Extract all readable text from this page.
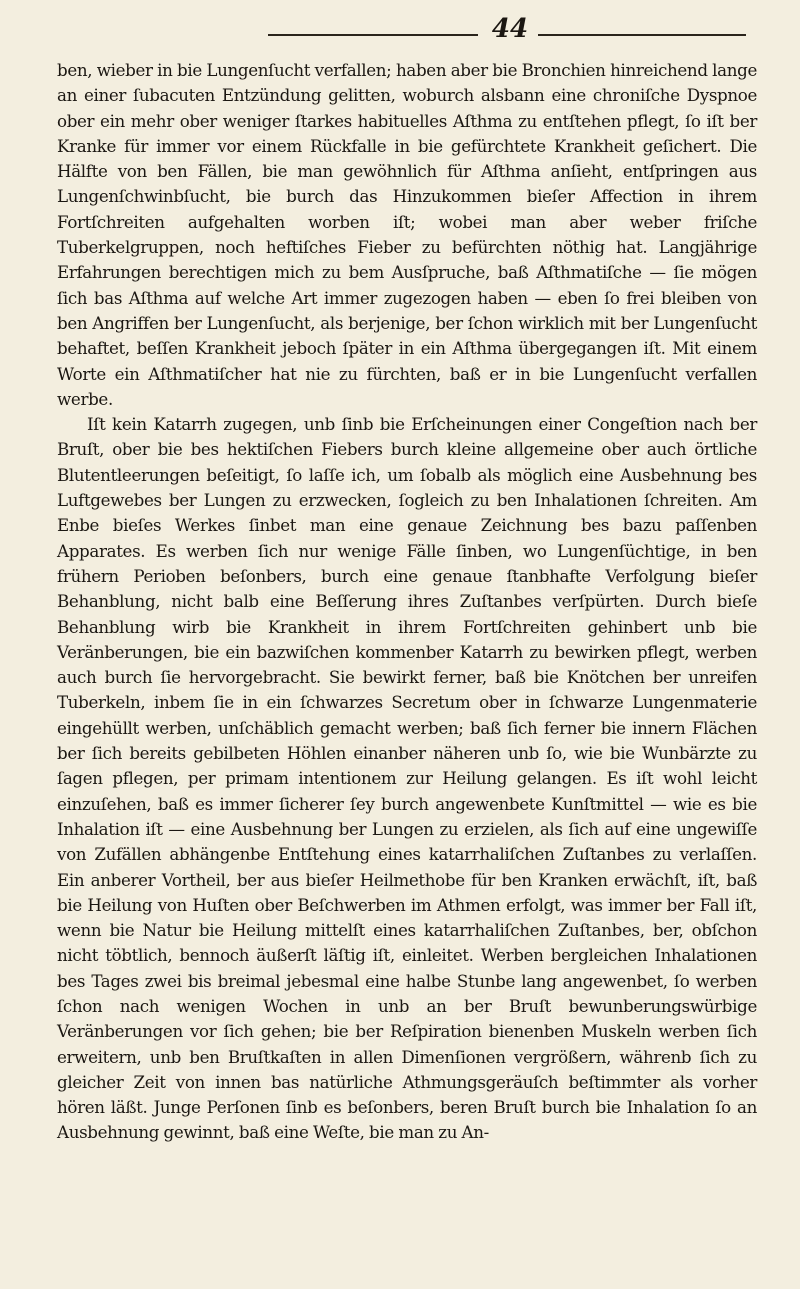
44

ben, wieber in bie Lungenſucht verfallen; haben aber bie Bronchien hinreichend lange an einer ſubacuten Entzündung gelitten, woburch alsbann eine chroniſche Dyspnoe ober ein mehr ober weniger ſtarkes habituelles Aſthma zu entſtehen pflegt, ſo iſt ber Kranke für immer vor einem Rückfalle in bie gefürchtete Krankheit geſichert. Die Hälfte von ben Fällen, bie man gewöhnlich für Aſthma anſieht, entſpringen aus Lungenſchwinbſucht, bie burch das Hinzukommen bieſer Affection in ihrem Fortſchreiten aufgehalten worben iſt; wobei man aber weber friſche Tuberkelgruppen, noch heftiſches Fieber zu befürchten nöthig hat. Langjährige Erfahrungen berechtigen mich zu bem Ausſpruche, baß Aſthmatiſche — ſie mögen ſich bas Aſthma auf welche Art immer zugezogen haben — eben ſo frei bleiben von ben Angriffen ber Lungenſucht, als berjenige, ber ſchon wirklich mit ber Lungenſucht behaftet, beſſen Krankheit jeboch ſpäter in ein Aſthma übergegangen iſt. Mit einem Worte ein Aſthmatiſcher hat nie zu fürchten, baß er in bie Lungenſucht verfallen werbe.

Iſt kein Katarrh zugegen, unb ſinb bie Erſcheinungen einer Congeſtion nach ber Bruſt, ober bie bes hektiſchen Fiebers burch kleine allgemeine ober auch örtliche Blutentleerungen beſeitigt, ſo laſſe ich, um ſobalb als möglich eine Ausbehnung bes Luftgewebes ber Lungen zu erzwecken, ſogleich zu ben Inhalationen ſchreiten. Am Enbe bieſes Werkes ſinbet man eine genaue Zeichnung bes bazu paſſenben Apparates. Es werben ſich nur wenige Fälle ſinben, wo Lungenſüchtige, in ben frühern Perioben beſonbers, burch eine genaue ſtanbhafte Verfolgung bieſer Behanblung, nicht balb eine Beſſerung ihres Zuſtanbes verſpürten. Durch bieſe Behanblung wirb bie Krankheit in ihrem Fortſchreiten gehinbert unb bie Veränberungen, bie ein bazwiſchen kommenber Katarrh zu bewirken pflegt, werben auch burch ſie hervorgebracht. Sie bewirkt ferner, baß bie Knötchen ber unreifen Tuberkeln, inbem ſie in ein ſchwarzes Secretum ober in ſchwarze Lungenmaterie eingehüllt werben, unſchäblich gemacht werben; baß ſich ferner bie innern Flächen ber ſich bereits gebilbeten Höhlen einanber näheren unb ſo, wie bie Wunbärzte zu ſagen pflegen, per primam intentionem zur Heilung gelangen. Es iſt wohl leicht einzuſehen, baß es immer ſicherer ſey burch angewenbete Kunſtmittel — wie es bie Inhalation iſt — eine Ausbehnung ber Lungen zu erzielen, als ſich auf eine ungewiſſe von Zufällen abhängenbe Entſtehung eines katarrhaliſchen Zuſtanbes zu verlaſſen. Ein anberer Vortheil, ber aus bieſer Heilmethobe für ben Kranken erwächſt, iſt, baß bie Heilung von Huſten ober Beſchwerben im Athmen erfolgt, was immer ber Fall iſt, wenn bie Natur bie Heilung mittelſt eines katarrhaliſchen Zuſtanbes, ber, obſchon nicht töbtlich, bennoch äußerſt läſtig iſt, einleitet. Werben bergleichen Inhalationen bes Tages zwei bis breimal jebesmal eine halbe Stunbe lang angewenbet, ſo werben ſchon nach wenigen Wochen in unb an ber Bruſt bewunberungswürbige Veränberungen vor ſich gehen; bie ber Reſpiration bienenben Muskeln werben ſich erweitern, unb ben Bruſtkaſten in allen Dimenſionen vergrößern, währenb ſich zu gleicher Zeit von innen bas natürliche Athmungsgeräuſch beſtimmter als vorher hören läßt. Junge Perſonen ſinb es beſonbers, beren Bruſt burch bie Inhalation ſo an Ausbehnung gewinnt, baß eine Weſte, bie man zu An-
